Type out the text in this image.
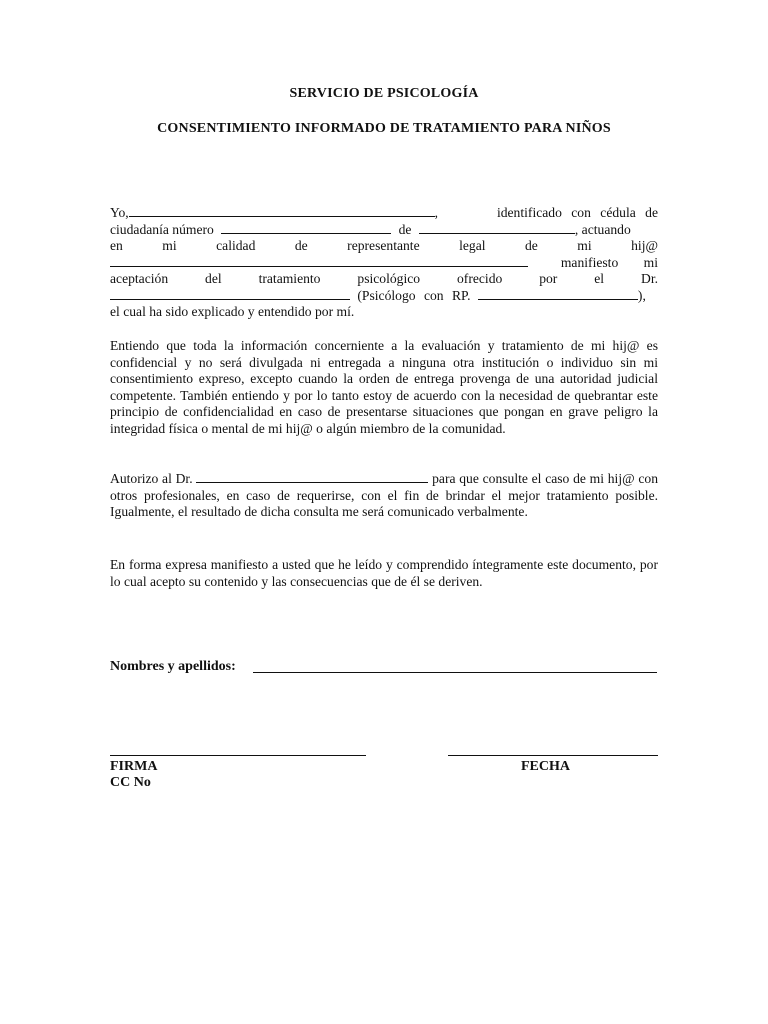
SERVICIO DE PSICOLOGÍA
CONSENTIMIENTO INFORMADO DE TRATAMIENTO PARA NIÑOS
Yo,	,	identificado con cédula de
ciudadanía número	de	, actuando
en mi calidad de representante legal de mi hij@
manifiesto mi
aceptación del tratamiento psicológico ofrecido por el Dr.
(Psicólogo con RP.	),
el cual ha sido explicado y entendido por mí.

Entiendo que toda la información concerniente a la evaluación y tratamiento de mi hij@ es confidencial y no será divulgada ni entregada a ninguna otra institución o individuo sin mi consentimiento expreso, excepto cuando la orden de entrega provenga de una autoridad judicial competente. También entiendo y por lo tanto estoy de acuerdo con la necesidad de quebrantar este principio de confidencialidad en caso de presentarse situaciones que pongan en grave peligro la integridad física o mental de mi hij@ o algún miembro de la comunidad.

Autorizo al Dr.	para que consulte el caso de mi hij@ con otros profesionales, en caso de requerirse, con el fin de brindar el mejor tratamiento posible. Igualmente, el resultado de dicha consulta me será comunicado verbalmente.

En forma expresa manifiesto a usted que he leído y comprendido íntegramente este documento, por lo cual acepto su contenido y las consecuencias que de él se deriven.

Nombres y apellidos:
FIRMA
CC No
FECHA
